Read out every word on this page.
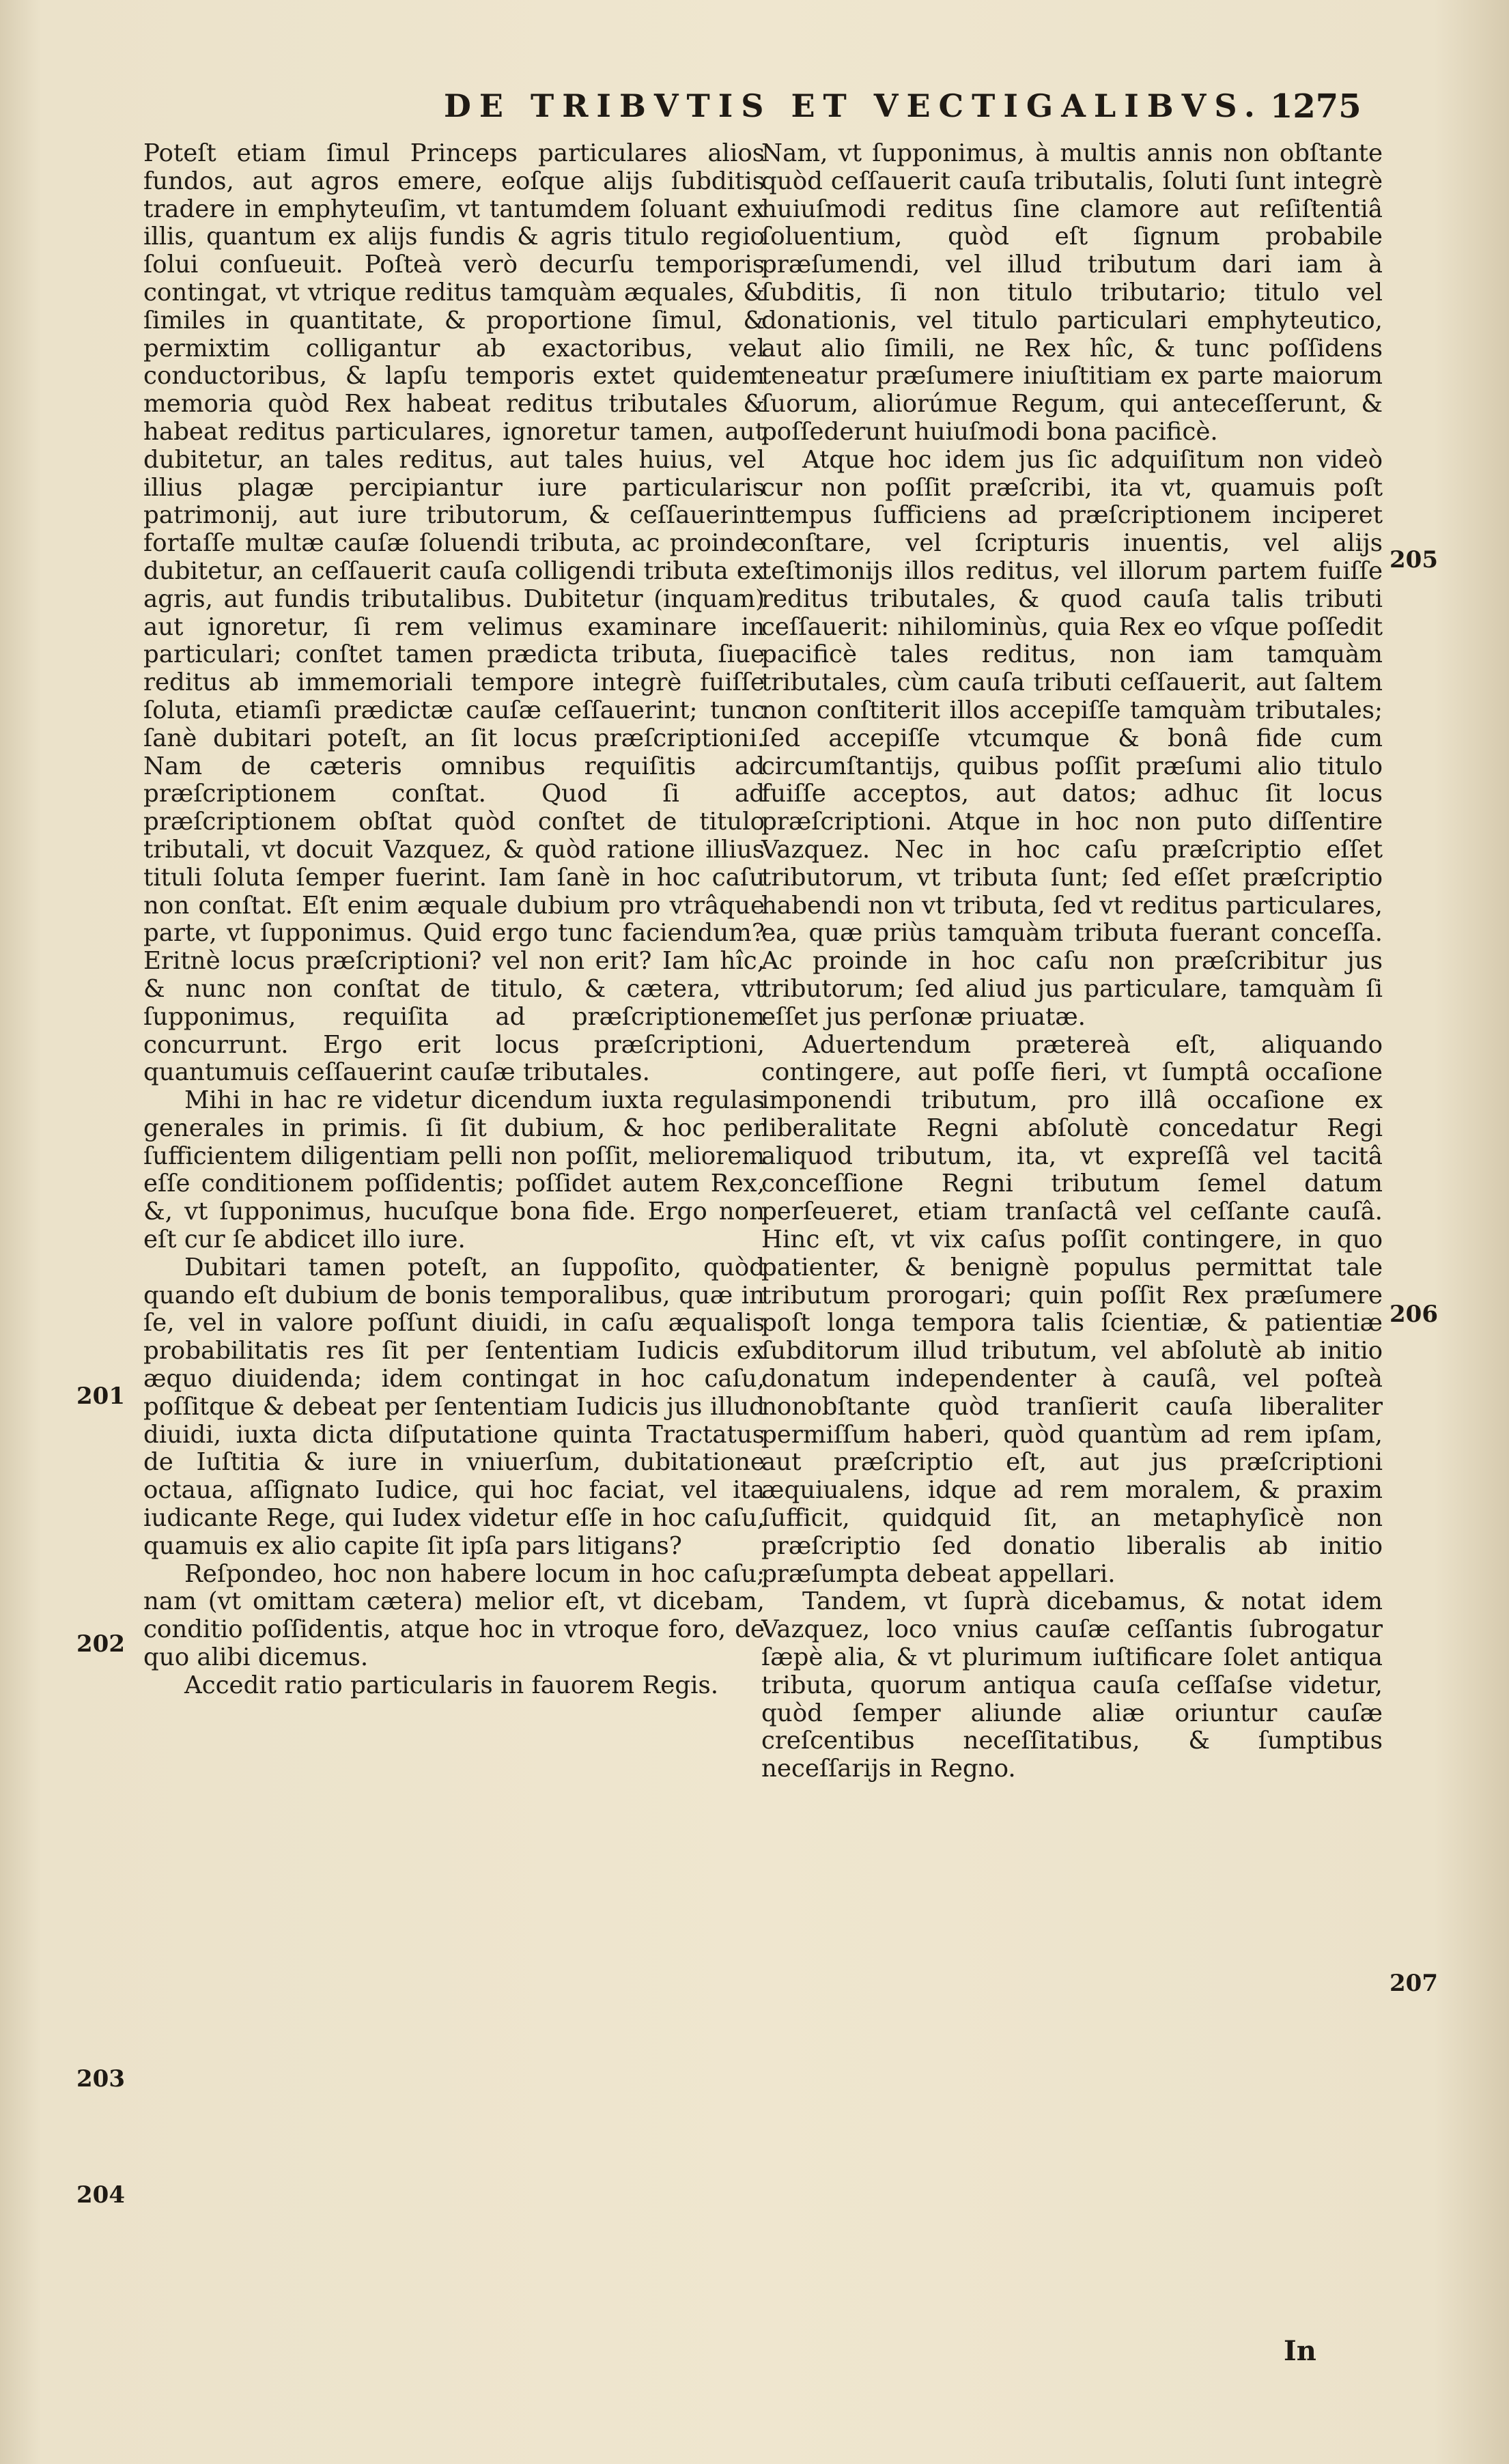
DE TRIBVTIS ET VECTIGALIBVS. 1275

Poteſt etiam ſimul Princeps particulares alios fundos, aut agros emere, eoſque alijs ſubditis tradere in emphyteuſim, vt tantumdem ſoluant ex illis, quantum ex alijs fundis & agris titulo regio ſolui conſueuit. Poſteà verò decurſu temporis contingat, vt vtrique reditus tamquàm æquales, & ſimiles in quantitate, & proportione ſimul, & permixtim colligantur ab exactoribus, vel conductoribus, & lapſu temporis extet quidem memoria quòd Rex habeat reditus tributales & habeat reditus particulares, ignoretur tamen, aut dubitetur, an tales reditus, aut tales huius, vel illius plagæ percipiantur iure particularis patrimonij, aut iure tributorum, & ceſſauerint fortaſſe multæ cauſæ ſoluendi tributa, ac proinde dubitetur, an ceſſauerit cauſa colligendi tributa ex agris, aut fundis tributalibus. Dubitetur (inquam) aut ignoretur, ſi rem velimus examinare in particulari; conſtet tamen prædicta tributa, ſiue reditus ab immemoriali tempore integrè fuiſſe ſoluta, etiamſi prædictæ cauſæ ceſſauerint; tunc ſanè dubitari poteſt, an ſit locus præſcriptioni. Nam de cæteris omnibus requiſitis ad præſcriptionem conſtat. Quod ſi ad præſcriptionem obſtat quòd conſtet de titulo tributali, vt docuit Vazquez, & quòd ratione illius tituli ſoluta ſemper fuerint. Iam ſanè in hoc caſu non conſtat. Eſt enim æquale dubium pro vtrâque parte, vt ſupponimus. Quid ergo tunc faciendum? Eritnè locus præſcriptioni? vel non erit? Iam hîc, & nunc non conſtat de titulo, & cætera, vt ſupponimus, requiſita ad præſcriptionem concurrunt. Ergo erit locus præſcriptioni, quantumuis ceſſauerint cauſæ tributales.

Mihi in hac re videtur dicendum iuxta regulas generales in primis. ſi ſit dubium, & hoc per ſufficientem diligentiam pelli non poſſit, meliorem eſſe conditionem poſſidentis; poſſidet autem Rex, &, vt ſupponimus, hucuſque bona fide. Ergo non eſt cur ſe abdicet illo iure.

Dubitari tamen poteſt, an ſuppoſito, quòd quando eſt dubium de bonis temporalibus, quæ in ſe, vel in valore poſſunt diuidi, in caſu æqualis probabilitatis res ſit per ſententiam Iudicis ex æquo diuidenda; idem contingat in hoc caſu, poſſitque & debeat per ſententiam Iudicis jus illud diuidi, iuxta dicta diſputatione quinta Tractatus de Iuſtitia & iure in vniuerſum, dubitatione octaua, aſſignato Iudice, qui hoc faciat, vel ita iudicante Rege, qui Iudex videtur eſſe in hoc caſu, quamuis ex alio capite ſit ipſa pars litigans?

Reſpondeo, hoc non habere locum in hoc caſu; nam (vt omittam cætera) melior eſt, vt dicebam, conditio poſſidentis, atque hoc in vtroque foro, de quo alibi dicemus.

Accedit ratio particularis in fauorem Regis.

Nam, vt ſupponimus, à multis annis non obſtante quòd ceſſauerit cauſa tributalis, ſoluti ſunt integrè huiuſmodi reditus ſine clamore aut reſiſtentiâ ſoluentium, quòd eſt ſignum probabile præſumendi, vel illud tributum dari iam à ſubditis, ſi non titulo tributario; titulo vel donationis, vel titulo particulari emphyteutico, aut alio ſimili, ne Rex hîc, & tunc poſſidens teneatur præſumere iniuſtitiam ex parte maiorum ſuorum, aliorúmue Regum, qui anteceſſerunt, & poſſederunt huiuſmodi bona pacificè.

Atque hoc idem jus ſic adquiſitum non videò cur non poſſit præſcribi, ita vt, quamuis poſt tempus ſufficiens ad præſcriptionem inciperet conſtare, vel ſcripturis inuentis, vel alijs teſtimonijs illos reditus, vel illorum partem fuiſſe reditus tributales, & quod cauſa talis tributi ceſſauerit: nihilominùs, quia Rex eo vſque poſſedit pacificè tales reditus, non iam tamquàm tributales, cùm cauſa tributi ceſſauerit, aut ſaltem non conſtiterit illos accepiſſe tamquàm tributales; ſed accepiſſe vtcumque & bonâ fide cum circumſtantijs, quibus poſſit præſumi alio titulo fuiſſe acceptos, aut datos; adhuc ſit locus præſcriptioni. Atque in hoc non puto diſſentire Vazquez. Nec in hoc caſu præſcriptio eſſet tributorum, vt tributa ſunt; ſed eſſet præſcriptio habendi non vt tributa, ſed vt reditus particulares, ea, quæ priùs tamquàm tributa fuerant conceſſa. Ac proinde in hoc caſu non præſcribitur jus tributorum; ſed aliud jus particulare, tamquàm ſi eſſet jus perſonæ priuatæ.

Aduertendum prætereà eſt, aliquando contingere, aut poſſe fieri, vt ſumptâ occaſione imponendi tributum, pro illâ occaſione ex liberalitate Regni abſolutè concedatur Regi aliquod tributum, ita, vt expreſſâ vel tacitâ conceſſione Regni tributum ſemel datum perſeueret, etiam tranſactâ vel ceſſante cauſâ. Hinc eſt, vt vix caſus poſſit contingere, in quo patienter, & benignè populus permittat tale tributum prorogari; quin poſſit Rex præſumere poſt longa tempora talis ſcientiæ, & patientiæ ſubditorum illud tributum, vel abſolutè ab initio donatum independenter à cauſâ, vel poſteà nonobſtante quòd tranſierit cauſa liberaliter permiſſum haberi, quòd quantùm ad rem ipſam, aut præſcriptio eſt, aut jus præſcriptioni æquiualens, idque ad rem moralem, & praxim ſufficit, quidquid ſit, an metaphyſicè non præſcriptio ſed donatio liberalis ab initio præſumpta debeat appellari.

Tandem, vt ſuprà dicebamus, & notat idem Vazquez, loco vnius cauſæ ceſſantis ſubrogatur ſæpè alia, & vt plurimum iuſtificare ſolet antiqua tributa, quorum antiqua cauſa ceſſaſse videtur, quòd ſemper aliunde aliæ oriuntur cauſæ creſcentibus neceſſitatibus, & ſumptibus neceſſarijs in Regno.

201
202
203
204
205
206
207
In
